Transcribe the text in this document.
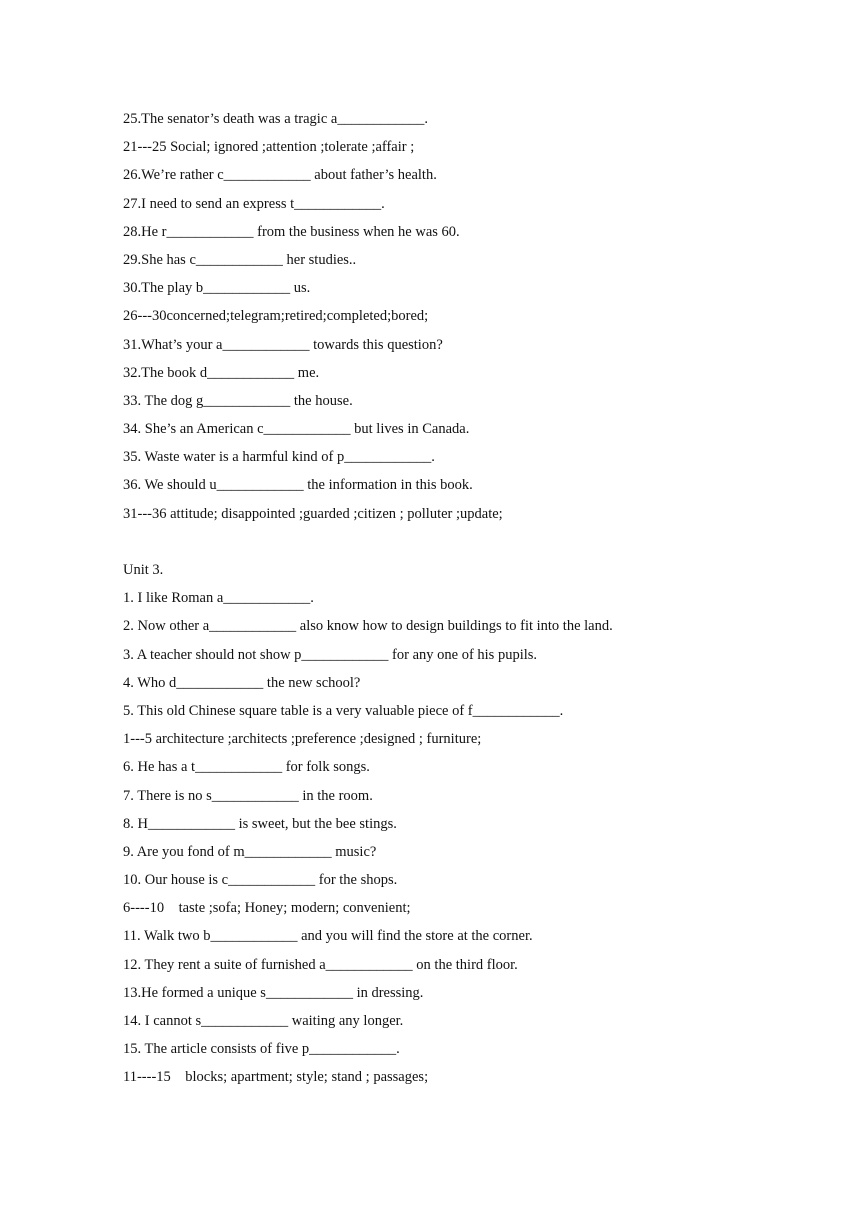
25.The senator’s death was a tragic a____________.
21---25 Social; ignored ;attention ;tolerate ;affair ;
26.We’re rather c____________ about father’s health.
27.I need to send an express t____________.
28.He r____________ from the business when he was 60.
29.She has c____________ her studies..
30.The play b____________ us.
26---30concerned;telegram;retired;completed;bored;
31.What’s your a____________ towards this question?
32.The book d____________ me.
33. The dog g____________ the house.
34. She’s an American c____________ but lives in Canada.
35. Waste water is a harmful kind of p____________.
36. We should u____________ the information in this book.
31---36 attitude; disappointed ;guarded ;citizen ; polluter ;update;
Unit 3.
1. I like Roman a____________.
2. Now other a____________ also know how to design buildings to fit into the land.
3. A teacher should not show p____________ for any one of his pupils.
4. Who d____________ the new school?
5. This old Chinese square table is a very valuable piece of f____________.
1---5 architecture ;architects ;preference ;designed ; furniture;
6. He has a t____________ for folk songs.
7. There is no s____________ in the room.
8. H____________ is sweet, but the bee stings.
9. Are you fond of m____________ music?
10. Our house is c____________ for the shops.
6----10    taste ;sofa; Honey; modern; convenient;
11. Walk two b____________ and you will find the store at the corner.
12. They rent a suite of furnished a____________ on the third floor.
13.He formed a unique s____________ in dressing.
14. I cannot s____________ waiting any longer.
15. The article consists of five p____________.
11----15    blocks; apartment; style; stand ; passages;
